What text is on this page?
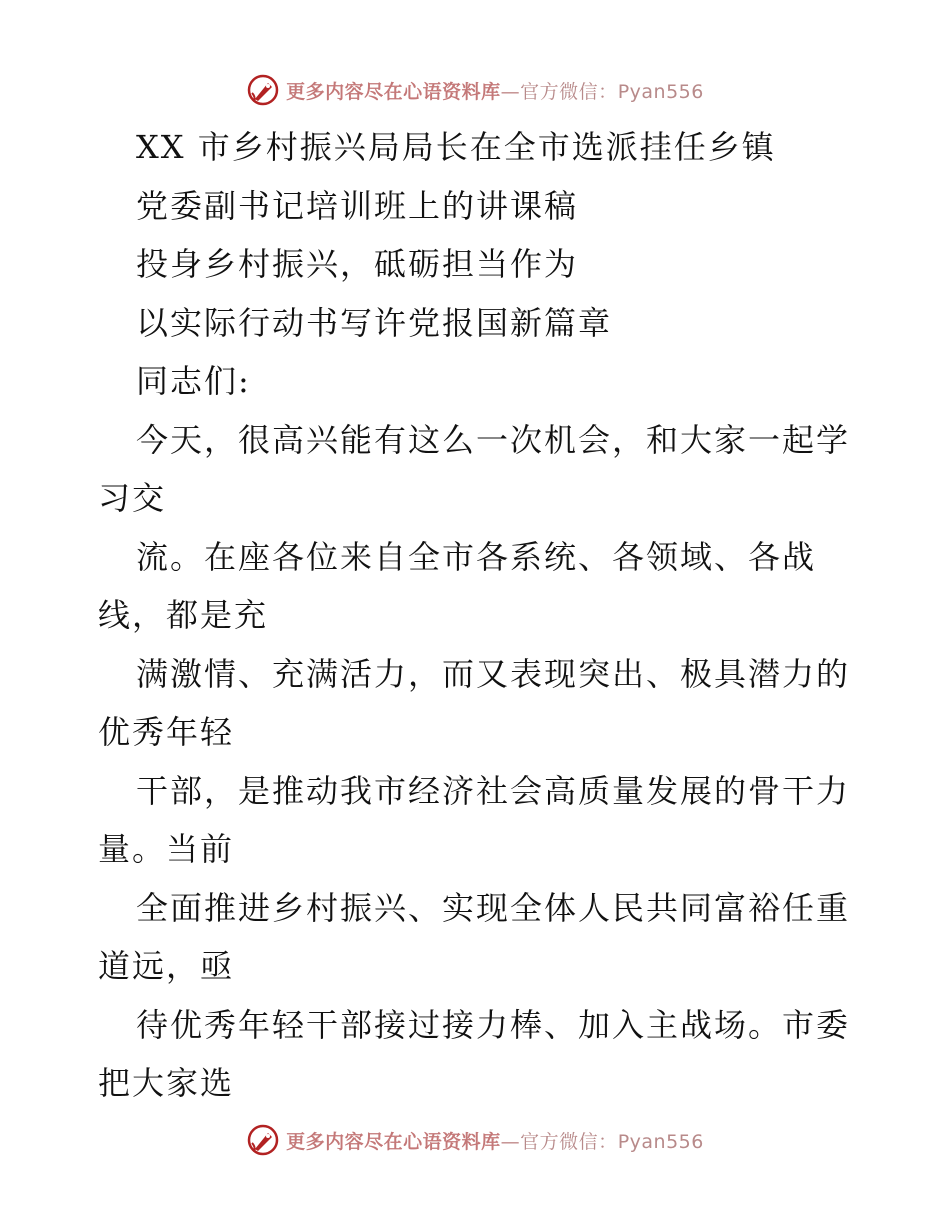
更多内容尽在心语资料库—官方微信：Pyan556
XX 市乡村振兴局局长在全市选派挂任乡镇
党委副书记培训班上的讲课稿
投身乡村振兴，砥砺担当作为
以实际行动书写许党报国新篇章
同志们:
今天，很高兴能有这么一次机会，和大家一起学
习交
流。在座各位来自全市各系统、各领域、各战
线，都是充
满激情、充满活力，而又表现突出、极具潜力的
优秀年轻
干部，是推动我市经济社会高质量发展的骨干力
量。当前
全面推进乡村振兴、实现全体人民共同富裕任重
道远，亟
待优秀年轻干部接过接力棒、加入主战场。市委
把大家选
更多内容尽在心语资料库—官方微信：Pyan556
